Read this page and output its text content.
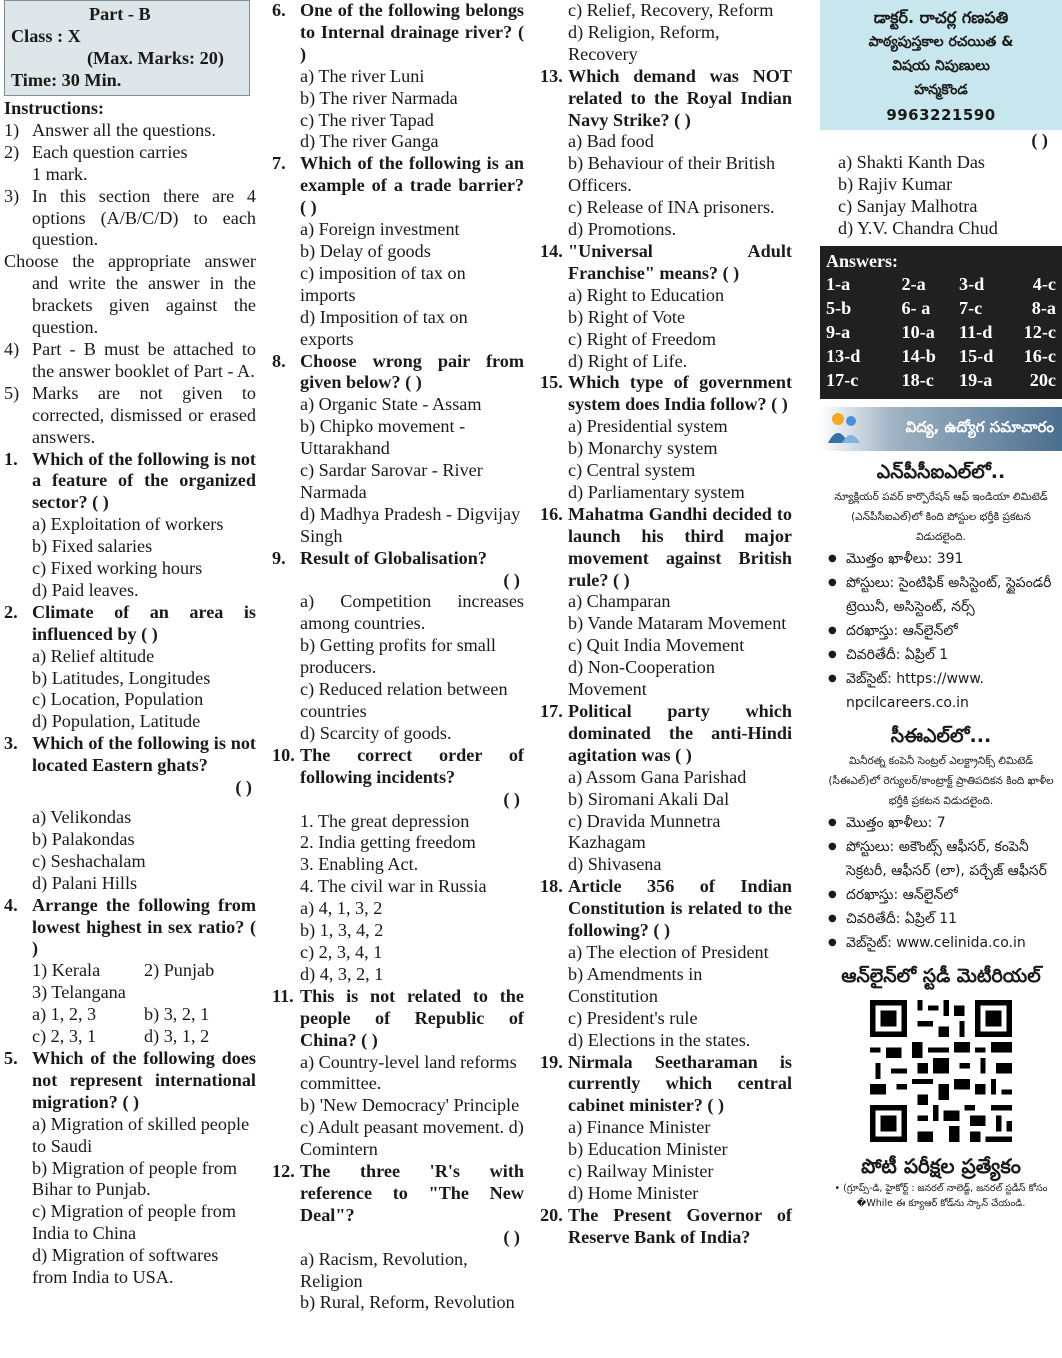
Part - B
Class : X
(Max. Marks: 20)
Time: 30 Min.
Instructions:
1) Answer all the questions.
2) Each question carries
1 mark.
3) In this section there are 4 options (A/B/C/D) to each question.
Choose the appropriate answer and write the answer in the brackets given against the question.
4) Part - B must be attached to the answer booklet of Part - A.
5) Marks are not given to corrected, dismissed or erased answers.
1. Which of the following is not a feature of the organized sector? ( )
a) Exploitation of workers
b) Fixed salaries
c) Fixed working hours
d) Paid leaves.
2. Climate of an area is influenced by ( )
a) Relief altitude
b) Latitudes, Longitudes
c) Location, Population
d) Population, Latitude
3. Which of the following is not located Eastern ghats?
( )
a) Velikondas
b) Palakondas
c) Seshachalam
d) Palani Hills
4. Arrange the following from lowest highest in sex ratio? ( )
1) Kerala	2) Punjab
3) Telangana
a) 1, 2, 3	b) 3, 2, 1
c) 2, 3, 1	d) 3, 1, 2
5. Which of the following does not represent international migration? ( )
a) Migration of skilled people to Saudi
b) Migration of people from Bihar to Punjab.
c) Migration of people from India to China
d) Migration of softwares from India to USA.
6. One of the following belongs to Internal drainage river? ( )
a) The river Luni
b) The river Narmada
c) The river Tapad
d) The river Ganga
7. Which of the following is an example of a trade barrier? ( )
a) Foreign investment
b) Delay of goods
c) imposition of tax on imports
d) Imposition of tax on exports
8. Choose wrong pair from given below? ( )
a) Organic State - Assam
b) Chipko movement - Uttarakhand
c) Sardar Sarovar - River Narmada
d) Madhya Pradesh - Digvijay Singh
9. Result of Globalisation?
( )
a) Competition increases among countries.
b) Getting profits for small producers.
c) Reduced relation between countries
d) Scarcity of goods.
10. The correct order of following incidents?
( )
1. The great depression
2. India getting freedom
3. Enabling Act.
4. The civil war in Russia
a) 4, 1, 3, 2
b) 1, 3, 4, 2
c) 2, 3, 4, 1
d) 4, 3, 2, 1
11. This is not related to the people of Republic of China? ( )
a) Country-level land reforms committee.
b) 'New Democracy' Principle
c) Adult peasant movement. d) Comintern
12. The three 'R's with reference to "The New Deal"?
( )
a) Racism, Revolution, Religion
b) Rural, Reform, Revolution
c) Relief, Recovery, Reform
d) Religion, Reform, Recovery
13. Which demand was NOT related to the Royal Indian Navy Strike? ( )
a) Bad food
b) Behaviour of their British Officers.
c) Release of INA prisoners.
d) Promotions.
14. "Universal Adult Franchise" means? ( )
a) Right to Education
b) Right of Vote
c) Right of Freedom
d) Right of Life.
15. Which type of government system does India follow? ( )
a) Presidential system
b) Monarchy system
c) Central system
d) Parliamentary system
16. Mahatma Gandhi decided to launch his third major movement against British rule? ( )
a) Champaran
b) Vande Mataram Movement
c) Quit India Movement
d) Non-Cooperation Movement
17. Political party which dominated the anti-Hindi agitation was ( )
a) Assom Gana Parishad
b) Siromani Akali Dal
c) Dravida Munnetra Kazhagam
d) Shivasena
18. Article 356 of Indian Constitution is related to the following? ( )
a) The election of President
b) Amendments in Constitution
c) President's rule
d) Elections in the states.
19. Nirmala Seetharaman is currently which central cabinet minister? ( )
a) Finance Minister
b) Education Minister
c) Railway Minister
d) Home Minister
20. The Present Governor of Reserve Bank of India?
డాక్టర్. రాచర్ల గణపతి
పాఠ్యపుస్తకాల రచయిత &
విషయ నిపుణులు
హన్మకొండ
9963221590
( )
a) Shakti Kanth Das
b) Rajiv Kumar
c) Sanjay Malhotra
d) Y.V. Chandra Chud
Answers:
1-a	2-a	3-d	4-c
5-b	6- a	7-c	8-a
9-a	10-a	11-d	12-c
13-d	14-b	15-d	16-c
17-c	18-c	19-a	20c
విద్య, ఉద్యోగ సమాచారం
ఎన్‌పీసీఐఎల్‌లో..
న్యూక్లియర్ పవర్ కార్పొరేషన్ ఆఫ్ ఇండియా లిమిటెడ్ (ఎన్‌పీసీఐఎల్)లో కింది పోస్టుల భర్తీకి ప్రకటన విడుదలైంది.
● మొత్తం ఖాళీలు: 391
● పోస్టులు: సైంటిఫిక్ అసిస్టెంట్, స్టైపండరీ ట్రెయినీ, అసిస్టెంట్, నర్స్
● దరఖాస్తు: ఆన్‌లైన్‌లో
● చివరితేదీ: ఏప్రిల్ 1
● వెబ్‌సైట్: https://www. npcilcareers.co.in
సీఈఎల్‌లో...
మినీరత్న కంపెనీ సెంట్రల్ ఎలక్ట్రానిక్స్ లిమిటెడ్ (సీఈఎల్)లో రెగ్యులర్/కాంట్రాక్ట్ ప్రాతిపదికన కింది ఖాళీల భర్తీకి ప్రకటన విడుదలైంది.
● మొత్తం ఖాళీలు: 7
● పోస్టులు: అకౌంట్స్ ఆఫీసర్, కంపెనీ సెక్రటరీ, ఆఫీసర్ (లా), పర్చేజ్ ఆఫీసర్
● దరఖాస్తు: ఆన్‌లైన్‌లో
● చివరితేదీ: ఏప్రిల్ 11
● వెబ్‌సైట్: www.celinida.co.in
ఆన్‌లైన్‌లో స్టడీ మెటీరియల్
పోటీ పరీక్షల ప్రత్యేకం
• (గ్రూప్స్-డి, హైకోర్ట్ : జనరల్ నాలెడ్జ్, జనరల్ స్టడీస్ కోసం �While ఈ క్యూఆర్ కోడ్‌ను స్కాన్ చేయండి.
